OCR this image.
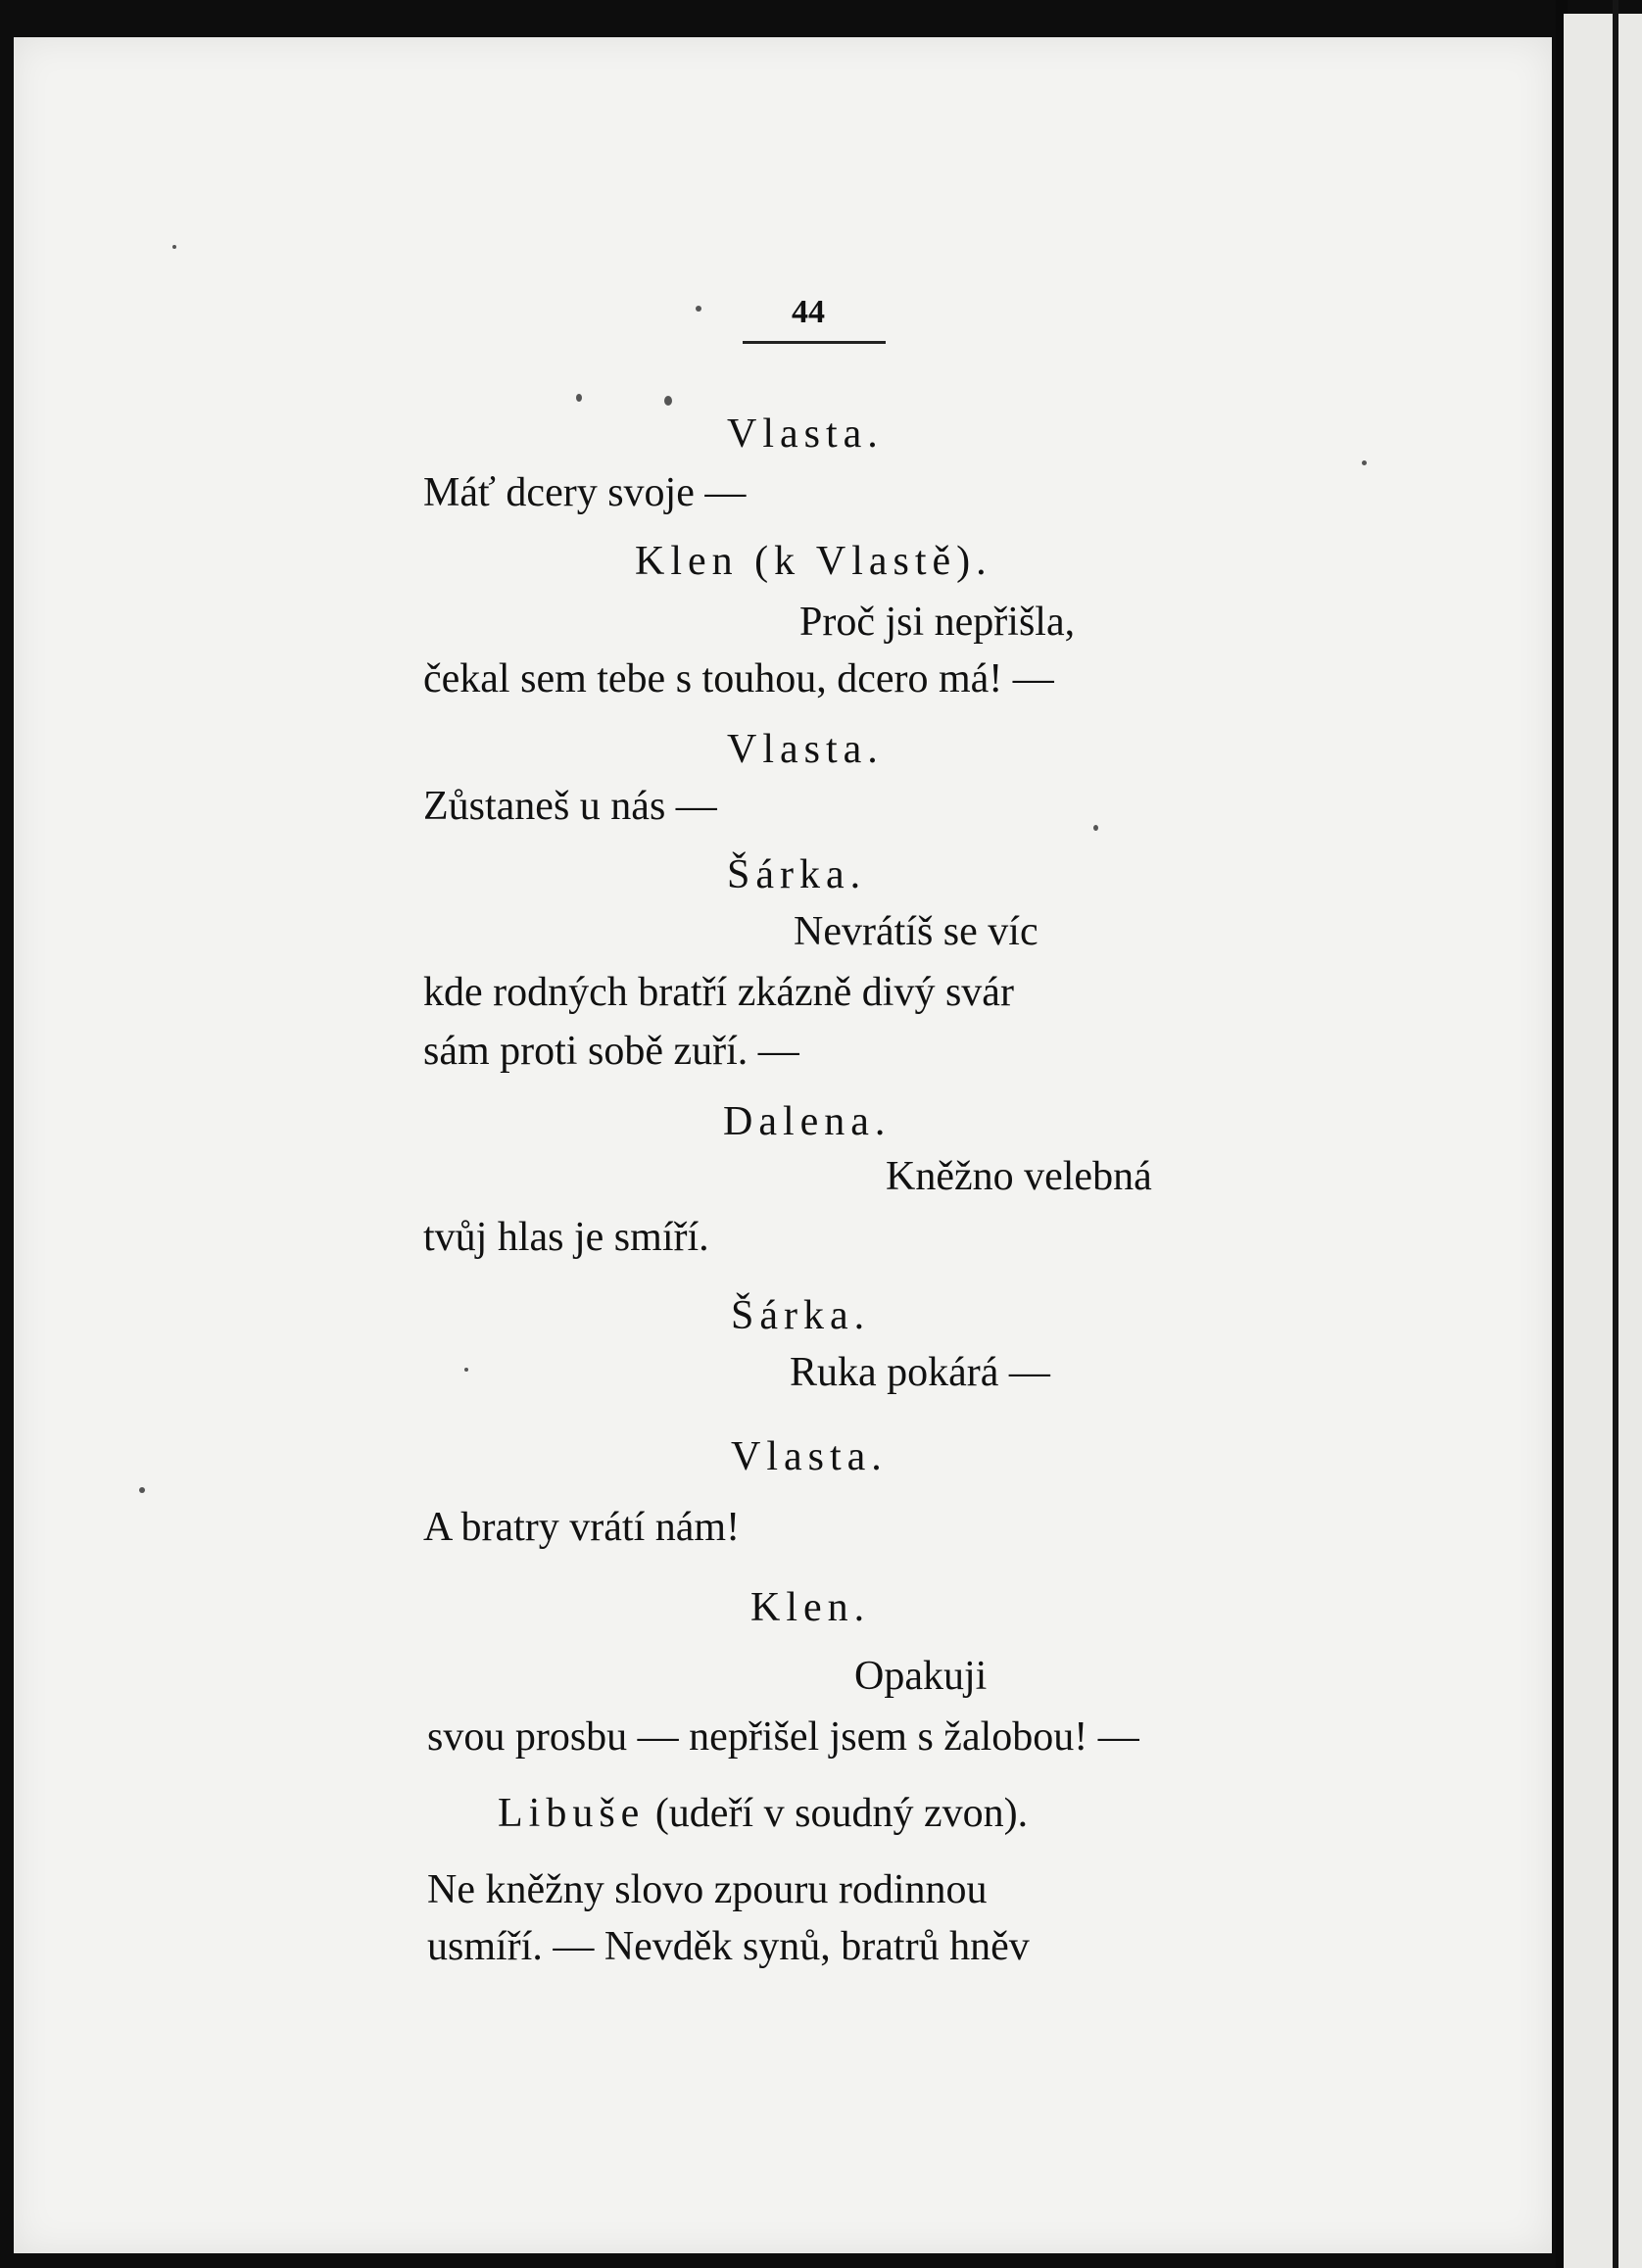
44
Vlasta.
Máť dcery svoje —
Klen (k Vlastě).
Proč jsi nepřišla,
čekal sem tebe s touhou, dcero má! —
Vlasta.
Zůstaneš u nás —
Šárka.
Nevrátíš se víc
kde rodných bratří zkázně divý svár
sám proti sobě zuří. —
Dalena.
Kněžno velebná
tvůj hlas je smíří.
Šárka.
Ruka pokárá —
Vlasta.
A bratry vrátí nám!
Klen.
Opakuji
svou prosbu — nepřišel jsem s žalobou! —
Libuše (udeří v soudný zvon).
Ne kněžny slovo zpouru rodinnou
usmíří. — Nevděk synů, bratrů hněv
